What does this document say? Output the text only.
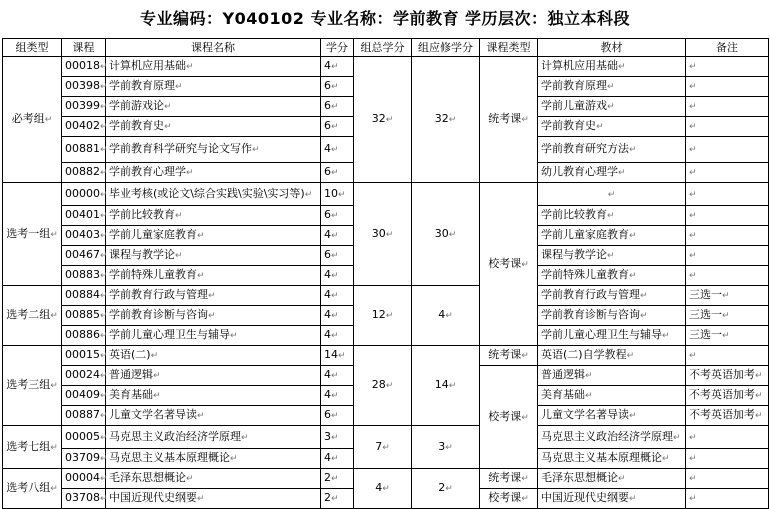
专业编码：Y040102 专业名称：学前教育 学历层次：独立本科段
组类型	课程	课程名称	学分	组总学分	组应修学分	课程类型	教材	备注
必考组↵	00018↵	计算机应用基础↵	4↵	32↵	32↵	统考课↵	计算机应用基础↵	↵
	00398↵	学前教育原理↵	6↵				学前教育原理↵	↵
	00399↵	学前游戏论↵	6↵				学前儿童游戏↵	↵
	00402↵	学前教育史↵	6↵				学前教育史↵	↵
	00881↵	学前教育科学研究与论文写作↵	4↵				学前教育研究方法↵	↵
	00882↵	学前教育心理学↵	6↵				幼儿教育心理学↵	↵
选考一组↵	00000↵	毕业考核(或论文\综合实践\实验\实习等)↵	10↵	30↵	30↵	校考课↵	↵	↵
	00401↵	学前比较教育↵	6↵				学前比较教育↵	↵
	00403↵	学前儿童家庭教育↵	4↵				学前儿童家庭教育↵	↵
	00467↵	课程与教学论↵	6↵				课程与教学论↵	↵
	00883↵	学前特殊儿童教育↵	4↵				学前特殊儿童教育↵	↵
选考二组↵	00884↵	学前教育行政与管理↵	4↵	12↵	4↵		学前教育行政与管理↵	三选一↵
	00885↵	学前教育诊断与咨询↵	4↵				学前教育诊断与咨询↵	三选一↵
	00886↵	学前儿童心理卫生与辅导↵	4↵				学前儿童心理卫生与辅导↵	三选一↵
选考三组↵	00015↵	英语(二)↵	14↵	28↵	14↵	统考课↵	英语(二)自学教程↵	↵
	00024↵	普通逻辑↵	4↵			校考课↵	普通逻辑↵	不考英语加考↵
	00409↵	美育基础↵	4↵				美育基础↵	不考英语加考↵
	00887↵	儿童文学名著导读↵	6↵				儿童文学名著导读↵	不考英语加考↵
选考七组↵	00005↵	马克思主义政治经济学原理↵	3↵	7↵	3↵		马克思主义政治经济学原理↵	↵
	03709↵	马克思主义基本原理概论↵	4↵				马克思主义基本原理概论↵	↵
选考八组↵	00004↵	毛泽东思想概论↵	2↵	4↵	2↵	统考课↵	毛泽东思想概论↵	↵
	03708↵	中国近现代史纲要↵	2↵			校考课↵	中国近现代史纲要↵	↵
